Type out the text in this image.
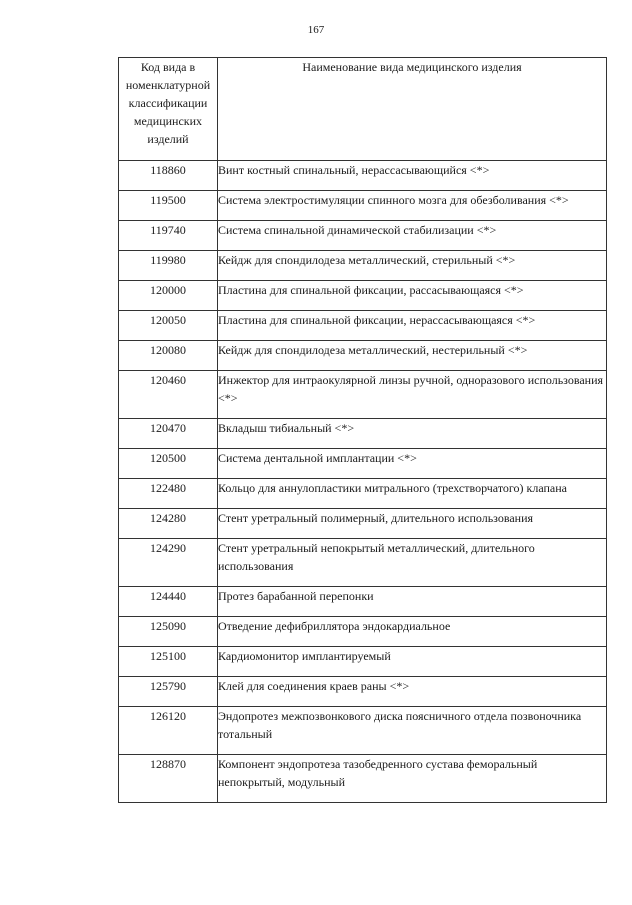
167
Код вида в номенклатурной классификации медицинских изделий	Наименование вида медицинского изделия
118860	Винт костный спинальный, нерассасывающийся <*>
119500	Система электростимуляции спинного мозга для обезболивания <*>
119740	Система спинальной динамической стабилизации <*>
119980	Кейдж для спондилодеза металлический, стерильный <*>
120000	Пластина для спинальной фиксации, рассасывающаяся <*>
120050	Пластина для спинальной фиксации, нерассасывающаяся <*>
120080	Кейдж для спондилодеза металлический, нестерильный <*>
120460	Инжектор для интраокулярной линзы ручной, одноразового использования <*>
120470	Вкладыш тибиальный <*>
120500	Система дентальной имплантации <*>
122480	Кольцо для аннулопластики митрального (трехстворчатого) клапана
124280	Стент уретральный полимерный, длительного использования
124290	Стент уретральный непокрытый металлический, длительного использования
124440	Протез барабанной перепонки
125090	Отведение дефибриллятора эндокардиальное
125100	Кардиомонитор имплантируемый
125790	Клей для соединения краев раны <*>
126120	Эндопротез межпозвонкового диска поясничного отдела позвоночника тотальный
128870	Компонент эндопротеза тазобедренного сустава феморальный непокрытый, модульный
